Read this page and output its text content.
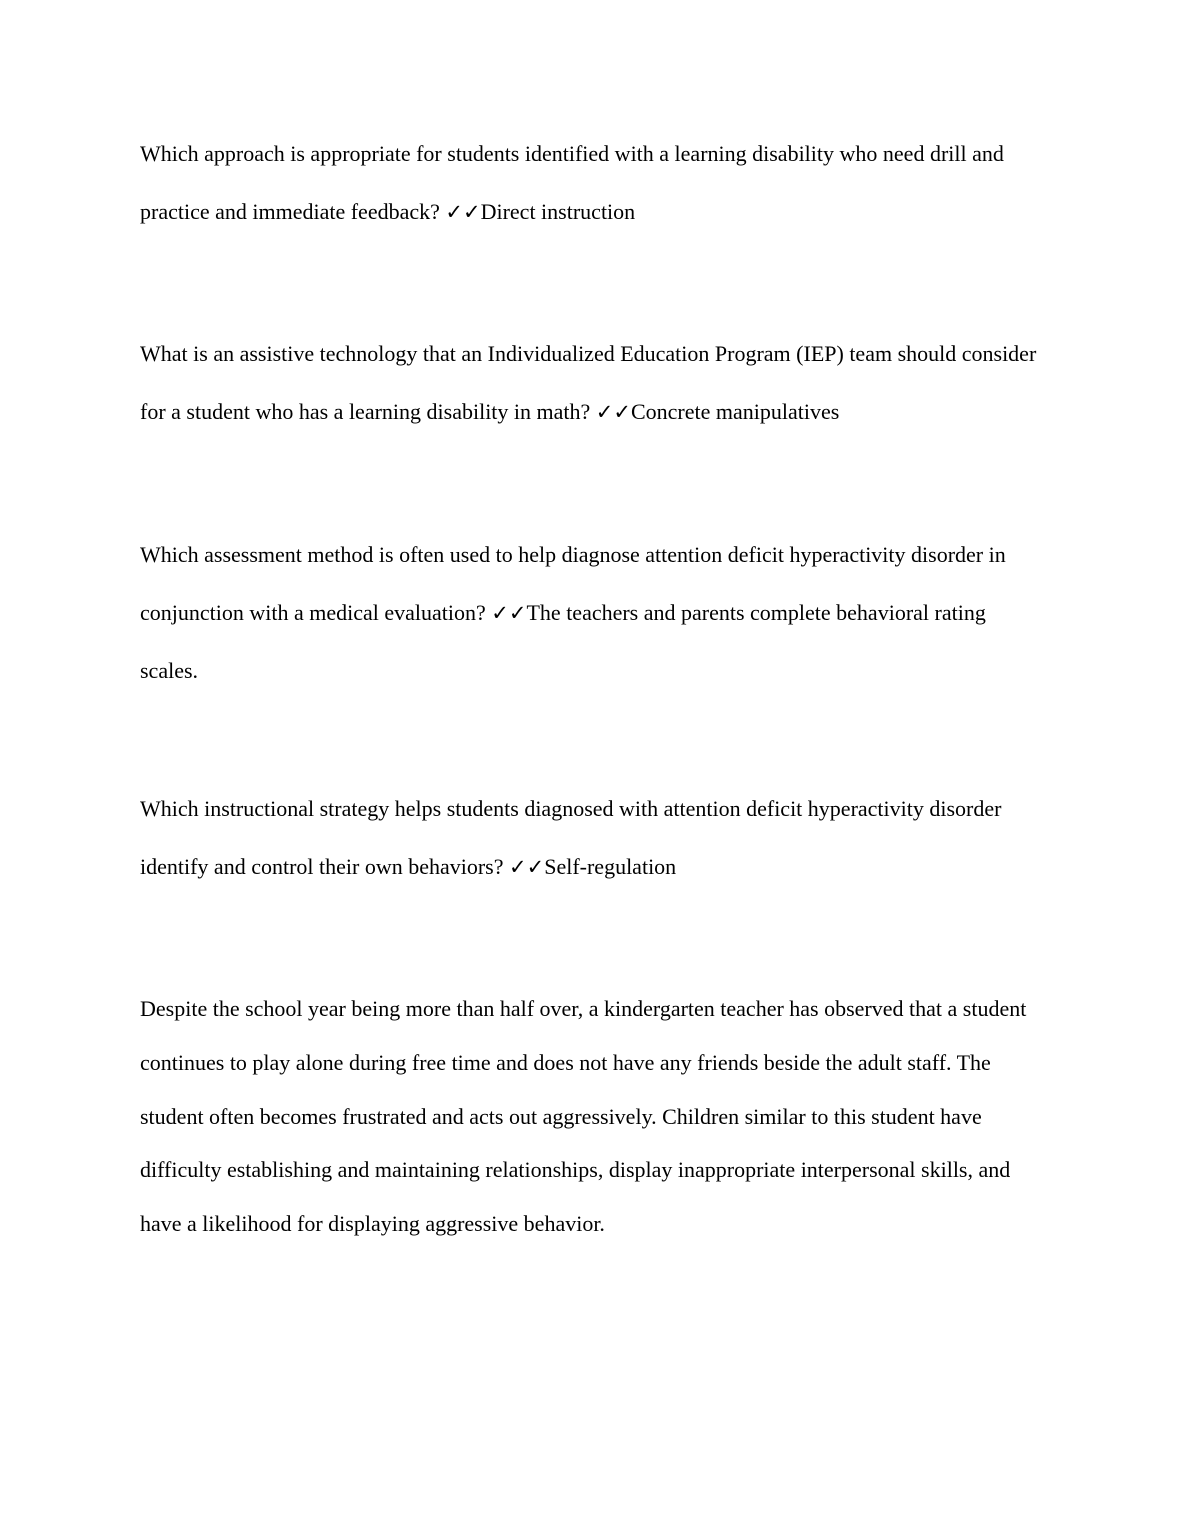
Which approach is appropriate for students identified with a learning disability who need drill and practice and immediate feedback? ✓✓Direct instruction

What is an assistive technology that an Individualized Education Program (IEP) team should consider for a student who has a learning disability in math? ✓✓Concrete manipulatives

Which assessment method is often used to help diagnose attention deficit hyperactivity disorder in conjunction with a medical evaluation? ✓✓The teachers and parents complete behavioral rating scales.

Which instructional strategy helps students diagnosed with attention deficit hyperactivity disorder identify and control their own behaviors? ✓✓Self-regulation

Despite the school year being more than half over, a kindergarten teacher has observed that a student continues to play alone during free time and does not have any friends beside the adult staff. The student often becomes frustrated and acts out aggressively. Children similar to this student have difficulty establishing and maintaining relationships, display inappropriate interpersonal skills, and have a likelihood for displaying aggressive behavior.
